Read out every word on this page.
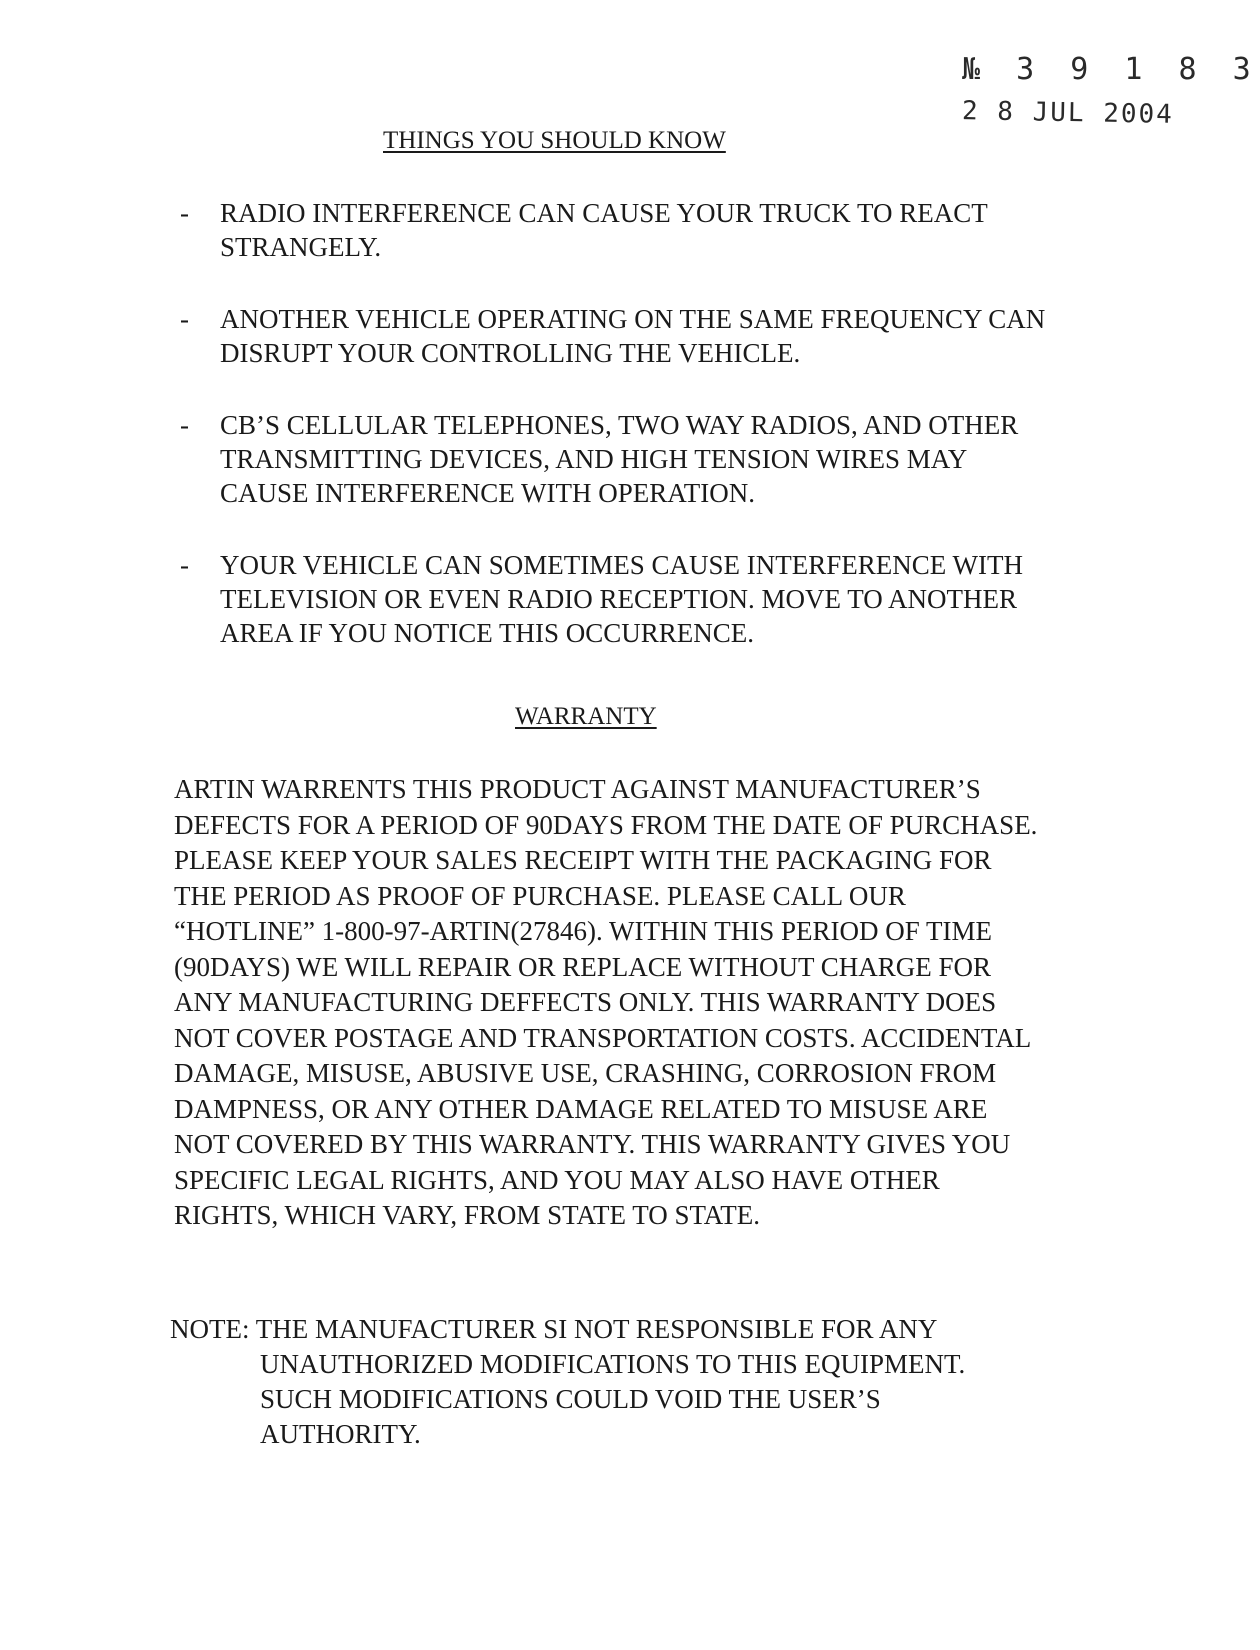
№ 3 9 1 8 3
2 8 JUL 2004
THINGS YOU SHOULD KNOW
- RADIO INTERFERENCE CAN CAUSE YOUR TRUCK TO REACT
STRANGELY.
- ANOTHER VEHICLE OPERATING ON THE SAME FREQUENCY CAN
DISRUPT YOUR CONTROLLING THE VEHICLE.
- CB’S CELLULAR TELEPHONES, TWO WAY RADIOS, AND OTHER
TRANSMITTING DEVICES, AND HIGH TENSION WIRES MAY
CAUSE INTERFERENCE WITH OPERATION.
- YOUR VEHICLE CAN SOMETIMES CAUSE INTERFERENCE WITH
TELEVISION OR EVEN RADIO RECEPTION. MOVE TO ANOTHER
AREA IF YOU NOTICE THIS OCCURRENCE.
WARRANTY
ARTIN WARRENTS THIS PRODUCT AGAINST MANUFACTURER’S
DEFECTS FOR A PERIOD OF 90DAYS FROM THE DATE OF PURCHASE.
PLEASE KEEP YOUR SALES RECEIPT WITH THE PACKAGING FOR
THE PERIOD AS PROOF OF PURCHASE. PLEASE CALL OUR
“HOTLINE” 1-800-97-ARTIN(27846). WITHIN THIS PERIOD OF TIME
(90DAYS) WE WILL REPAIR OR REPLACE WITHOUT CHARGE FOR
ANY MANUFACTURING DEFFECTS ONLY. THIS WARRANTY DOES
NOT COVER POSTAGE AND TRANSPORTATION COSTS. ACCIDENTAL
DAMAGE, MISUSE, ABUSIVE USE, CRASHING, CORROSION FROM
DAMPNESS, OR ANY OTHER DAMAGE RELATED TO MISUSE ARE
NOT COVERED BY THIS WARRANTY. THIS WARRANTY GIVES YOU
SPECIFIC LEGAL RIGHTS, AND YOU MAY ALSO HAVE OTHER
RIGHTS, WHICH VARY, FROM STATE TO STATE.
NOTE: THE MANUFACTURER SI NOT RESPONSIBLE FOR ANY
UNAUTHORIZED MODIFICATIONS TO THIS EQUIPMENT.
SUCH MODIFICATIONS COULD VOID THE USER’S
AUTHORITY.
